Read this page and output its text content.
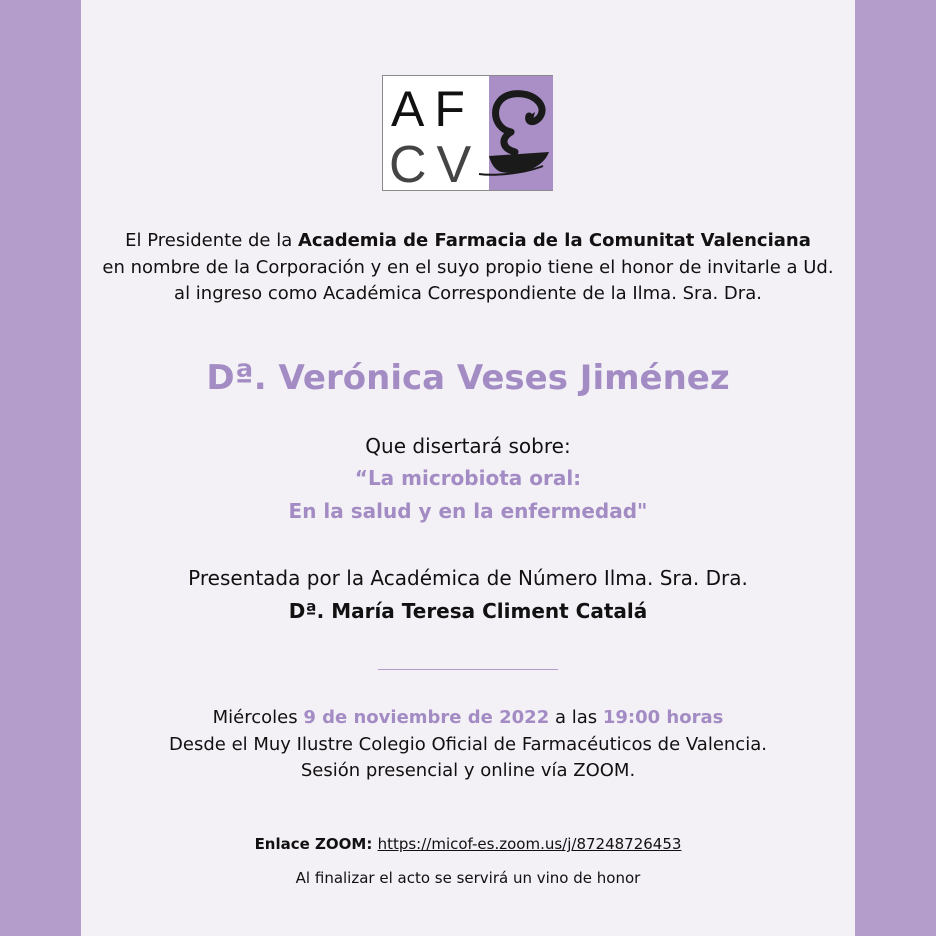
AF
CV
El Presidente de la Academia de Farmacia de la Comunitat Valenciana
en nombre de la Corporación y en el suyo propio tiene el honor de invitarle a Ud.
al ingreso como Académica Correspondiente de la Ilma. Sra. Dra.
Dª. Verónica Veses Jiménez
Que disertará sobre:
“La microbiota oral:
En la salud y en la enfermedad"
Presentada por la Académica de Número Ilma. Sra. Dra.
Dª. María Teresa Climent Catalá
Miércoles 9 de noviembre de 2022 a las 19:00 horas
Desde el Muy Ilustre Colegio Oficial de Farmacéuticos de Valencia.
Sesión presencial y online vía ZOOM.
Enlace ZOOM: https://micof-es.zoom.us/j/87248726453
Al finalizar el acto se servirá un vino de honor
